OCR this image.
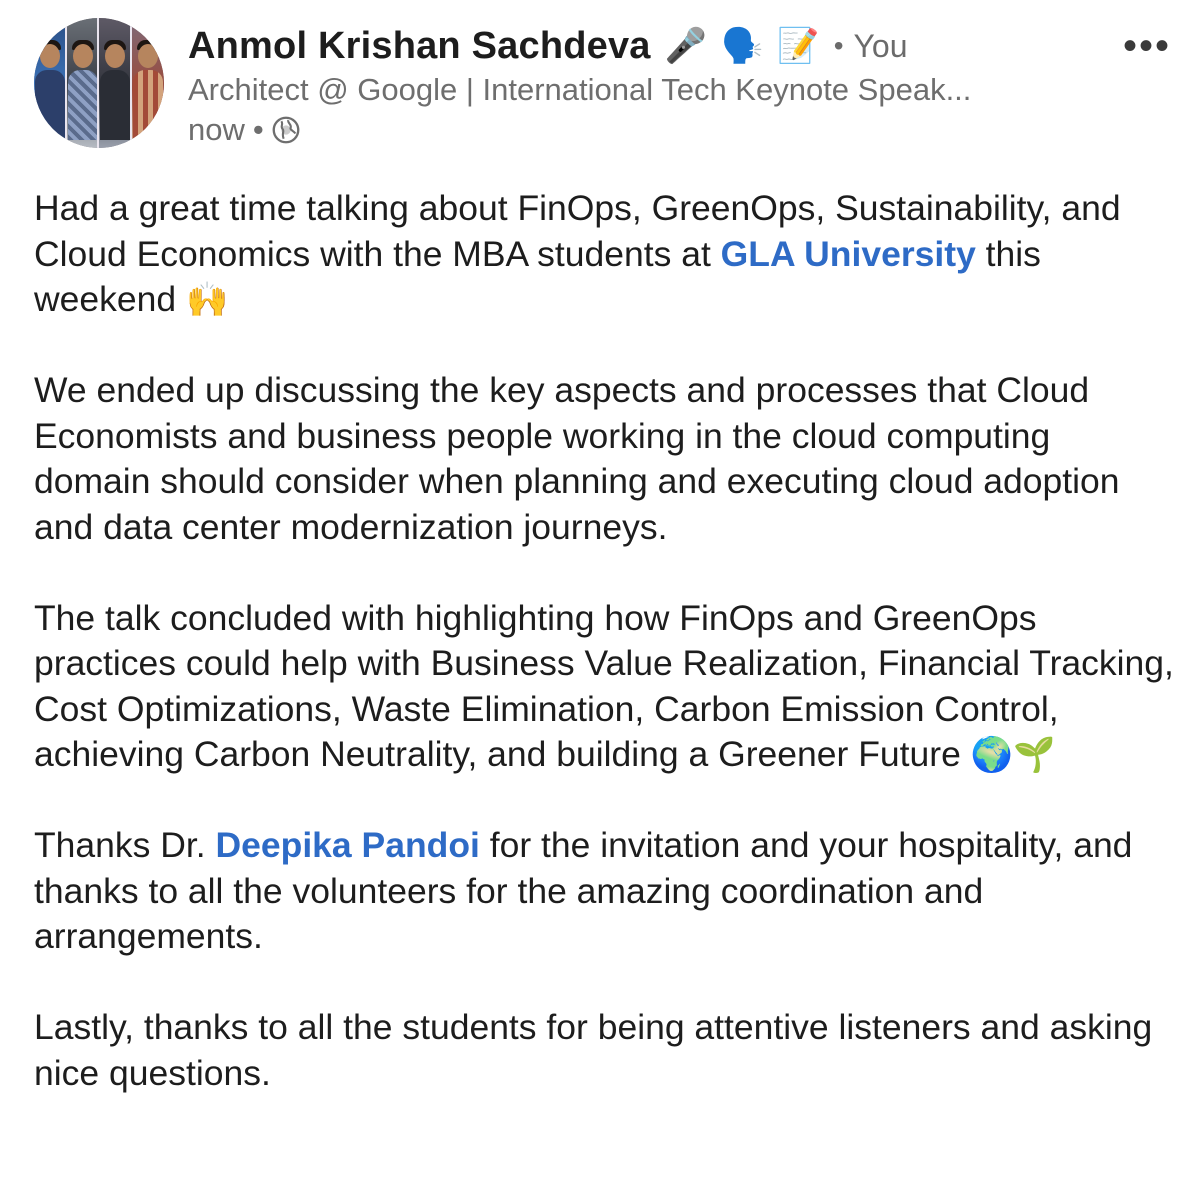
Anmol Krishan Sachdeva 🎤 🗣️ 📝 • You	•••
Architect @ Google | International Tech Keynote Speak...
now •

Had a great time talking about FinOps, GreenOps, Sustainability, and Cloud Economics with the MBA students at GLA University this weekend 🙌

We ended up discussing the key aspects and processes that Cloud Economists and business people working in the cloud computing domain should consider when planning and executing cloud adoption and data center modernization journeys.

The talk concluded with highlighting how FinOps and GreenOps practices could help with Business Value Realization, Financial Tracking, Cost Optimizations, Waste Elimination, Carbon Emission Control, achieving Carbon Neutrality, and building a Greener Future 🌍🌱

Thanks Dr. Deepika Pandoi for the invitation and your hospitality, and thanks to all the volunteers for the amazing coordination and arrangements.

Lastly, thanks to all the students for being attentive listeners and asking nice questions.
